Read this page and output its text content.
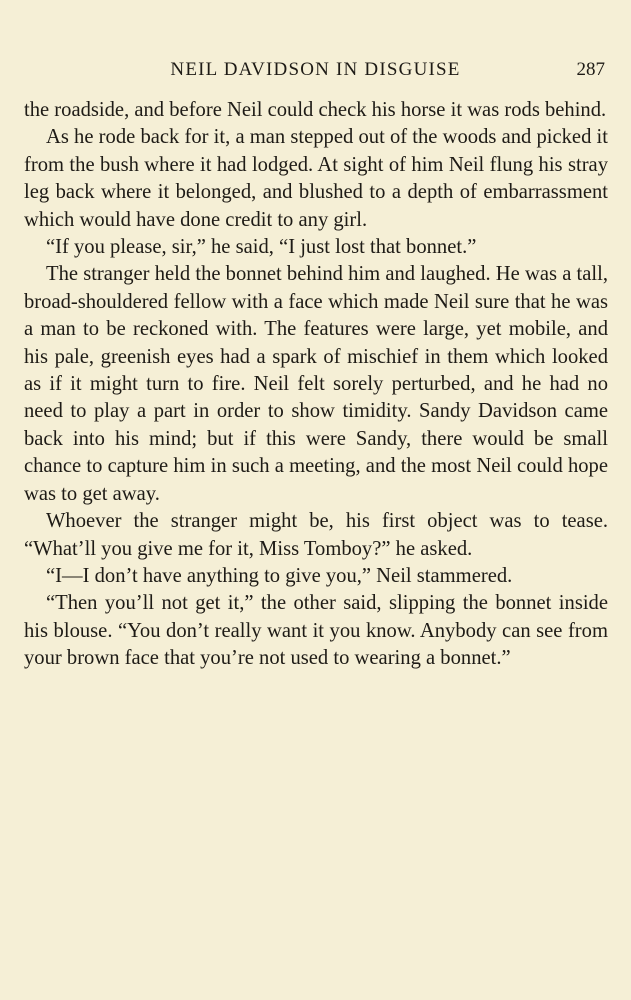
NEIL DAVIDSON IN DISGUISE	287

the roadside, and before Neil could check his horse it was rods behind.

As he rode back for it, a man stepped out of the woods and picked it from the bush where it had lodged. At sight of him Neil flung his stray leg back where it belonged, and blushed to a depth of embarrassment which would have done credit to any girl.

“If you please, sir,” he said, “I just lost that bonnet.”

The stranger held the bonnet behind him and laughed. He was a tall, broad-shouldered fellow with a face which made Neil sure that he was a man to be reckoned with. The features were large, yet mobile, and his pale, greenish eyes had a spark of mischief in them which looked as if it might turn to fire. Neil felt sorely perturbed, and he had no need to play a part in order to show timidity. Sandy Davidson came back into his mind; but if this were Sandy, there would be small chance to capture him in such a meeting, and the most Neil could hope was to get away.

Whoever the stranger might be, his first object was to tease. “What’ll you give me for it, Miss Tomboy?” he asked.

“I—I don’t have anything to give you,” Neil stammered.

“Then you’ll not get it,” the other said, slipping the bonnet inside his blouse. “You don’t really want it you know. Anybody can see from your brown face that you’re not used to wearing a bonnet.”
